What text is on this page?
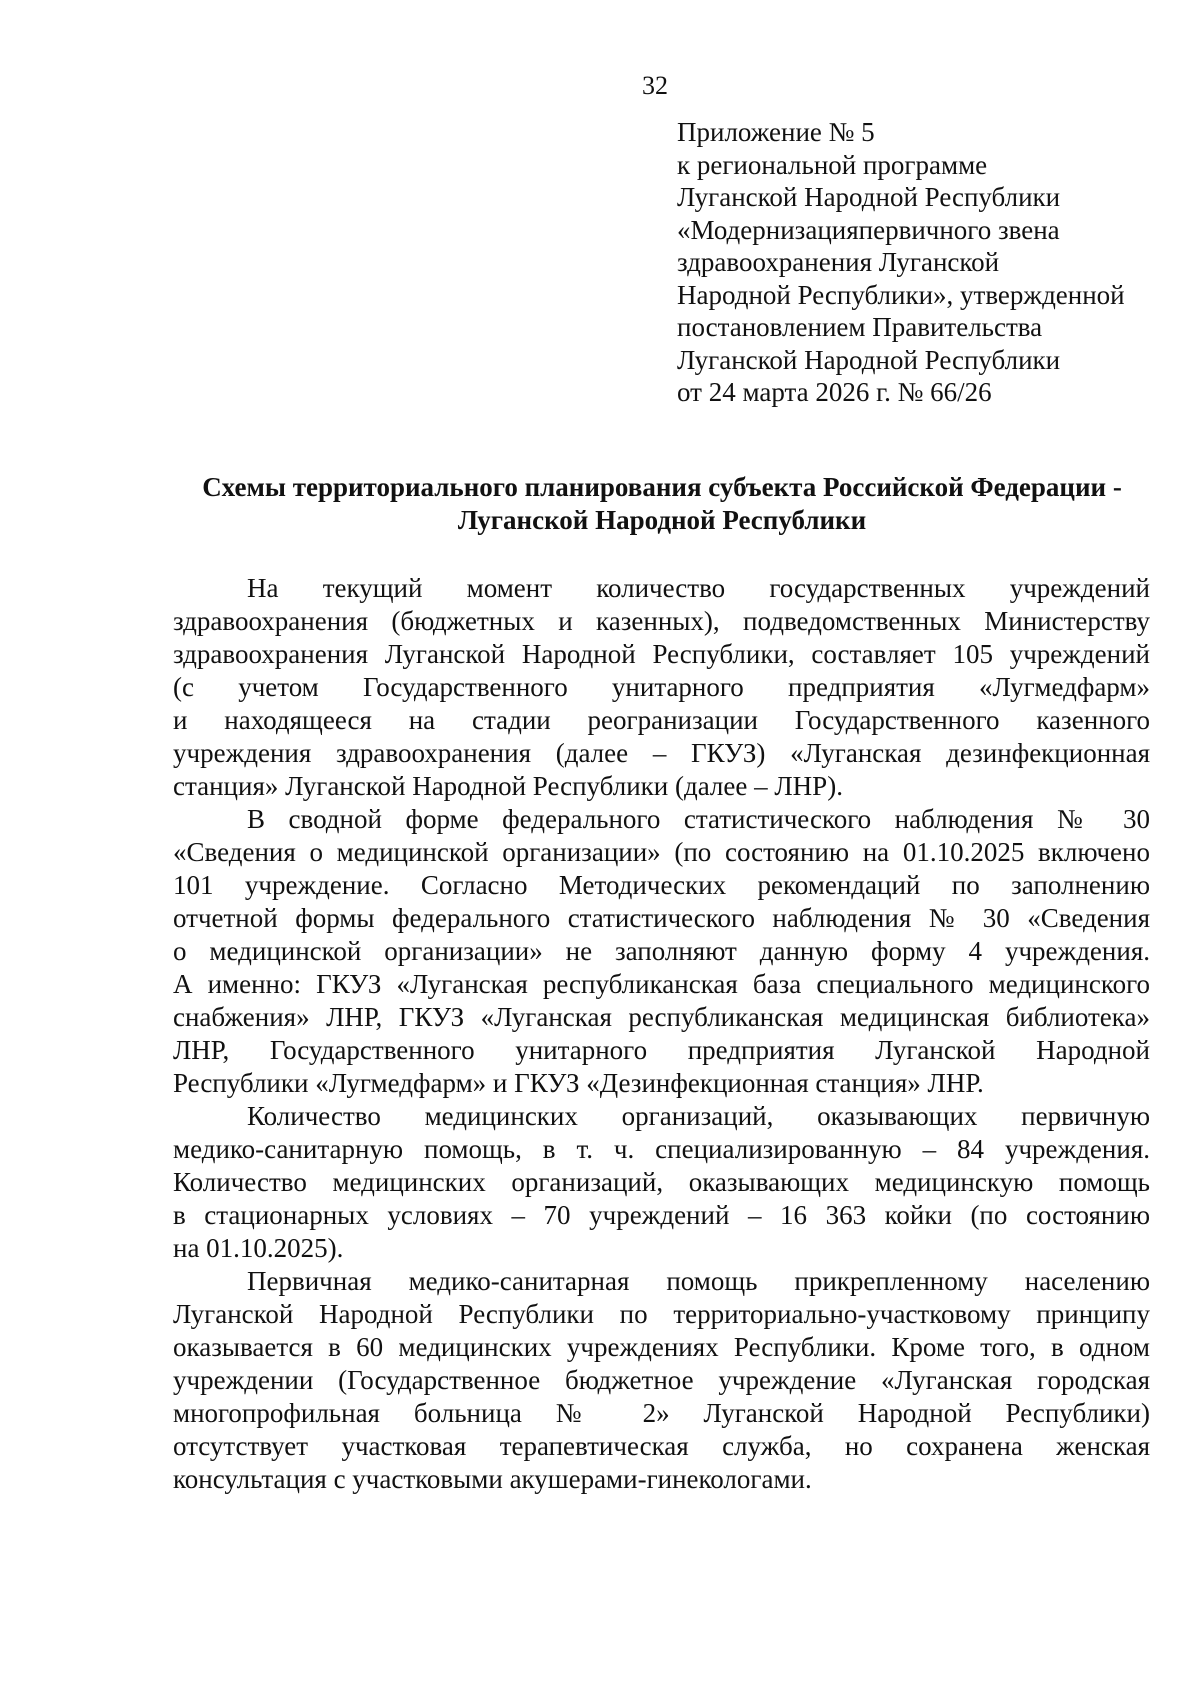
32
Приложение № 5
к региональной программе
Луганской Народной Республики
«Модернизацияпервичного звена
здравоохранения Луганской
Народной Республики», утвержденной
постановлением Правительства
Луганской Народной Республики
от 24 марта 2026 г. № 66/26
Схемы территориального планирования субъекта Российской Федерации -
Луганской Народной Республики
На текущий момент количество государственных учреждений
здравоохранения (бюджетных и казенных), подведомственных Министерству
здравоохранения Луганской Народной Республики, составляет 105 учреждений
(с учетом Государственного унитарного предприятия «Лугмедфарм»
и находящееся на стадии реогранизации Государственного казенного
учреждения здравоохранения (далее – ГКУЗ) «Луганская дезинфекционная
станция» Луганской Народной Республики (далее – ЛНР).
В сводной форме федерального статистического наблюдения № 30
«Сведения о медицинской организации» (по состоянию на 01.10.2025 включено
101 учреждение. Согласно Методических рекомендаций по заполнению
отчетной формы федерального статистического наблюдения № 30 «Сведения
о медицинской организации» не заполняют данную форму 4 учреждения.
А именно: ГКУЗ «Луганская республиканская база специального медицинского
снабжения» ЛНР, ГКУЗ «Луганская республиканская медицинская библиотека»
ЛНР, Государственного унитарного предприятия Луганской Народной
Республики «Лугмедфарм» и ГКУЗ «Дезинфекционная станция» ЛНР.
Количество медицинских организаций, оказывающих первичную
медико-санитарную помощь, в т. ч. специализированную – 84 учреждения.
Количество медицинских организаций, оказывающих медицинскую помощь
в стационарных условиях – 70 учреждений – 16 363 койки (по состоянию
на 01.10.2025).
Первичная медико-санитарная помощь прикрепленному населению
Луганской Народной Республики по территориально-участковому принципу
оказывается в 60 медицинских учреждениях Республики. Кроме того, в одном
учреждении (Государственное бюджетное учреждение «Луганская городская
многопрофильная больница № 2» Луганской Народной Республики)
отсутствует участковая терапевтическая служба, но сохранена женская
консультация с участковыми акушерами-гинекологами.
